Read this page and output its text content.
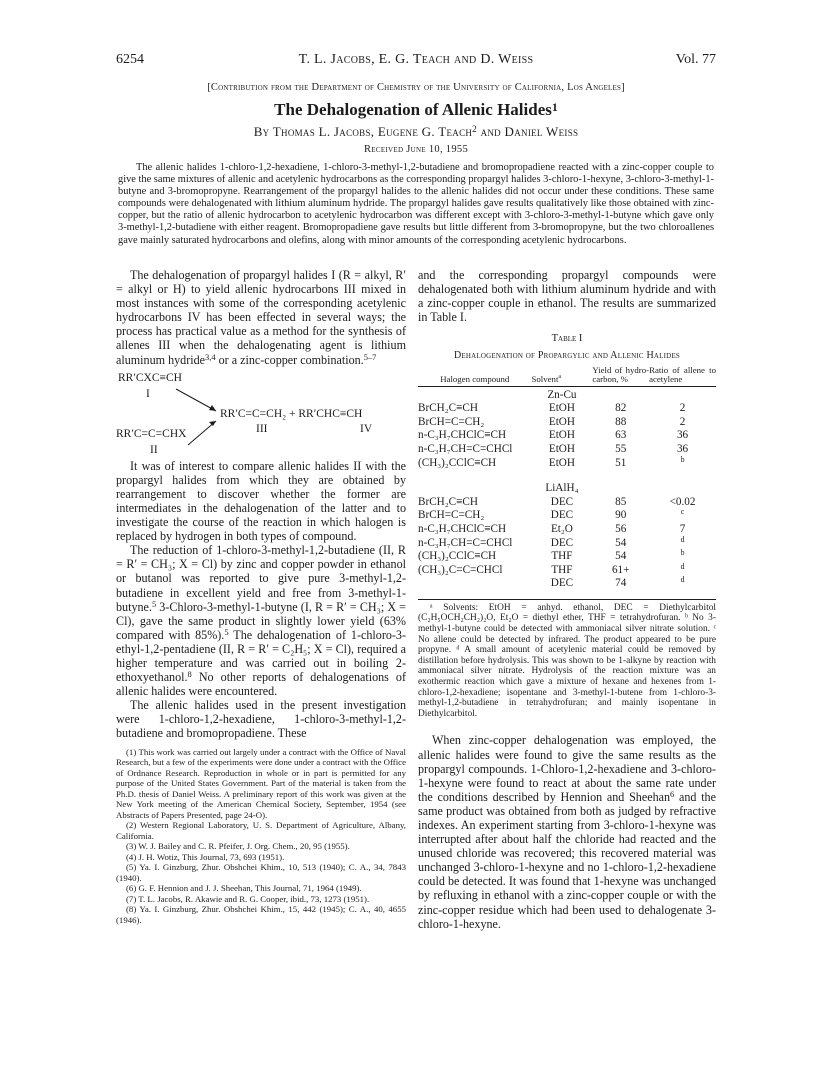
6254	T. L. Jacobs, E. G. Teach and D. Weiss	Vol. 77
[Contribution from the Department of Chemistry of the University of California, Los Angeles]
The Dehalogenation of Allenic Halides$^1$
By Thomas L. Jacobs, Eugene G. Teach$^2$ and Daniel Weiss
Received June 10, 1955
The allenic halides 1-chloro-1,2-hexadiene, 1-chloro-3-methyl-1,2-butadiene and bromopropadiene reacted with a zinc-copper couple to give the same mixtures of allenic and acetylenic hydrocarbons as the corresponding propargyl halides 3-chloro-1-hexyne, 3-chloro-3-methyl-1-butyne and 3-bromopropyne. Rearrangement of the propargyl halides to the allenic halides did not occur under these conditions. These same compounds were dehalogenated with lithium aluminum hydride. The propargyl halides gave results qualitatively like those obtained with zinc-copper, but the ratio of allenic hydrocarbon to acetylenic hydrocarbon was different except with 3-chloro-3-methyl-1-butyne which gave only 3-methyl-1,2-butadiene with either reagent. Bromopropadiene gave results but little different from 3-bromopropyne, but the two chloroallenes gave mainly saturated hydrocarbons and olefins, along with minor amounts of the corresponding acetylenic hydrocarbons.

The dehalogenation of propargyl halides I (R = alkyl, R′ = alkyl or H) to yield allenic hydrocarbons III mixed in most instances with some of the corresponding acetylenic hydrocarbons IV has been effected in several ways; the process has practical value as a method for the synthesis of allenes III when the dehalogenating agent is lithium aluminum hydride$^{3,4}$ or a zinc-copper combination.$^{5-7}$

RR′CXC≡CH
I
RR′C=C=CH₂ + RR′CHC≡CH
III	IV
RR′C=C=CHX
II

It was of interest to compare allenic halides II with the propargyl halides from which they are obtained by rearrangement to discover whether the former are intermediates in the dehalogenation of the latter and to investigate the course of the reaction in which halogen is replaced by hydrogen in both types of compound.

The reduction of 1-chloro-3-methyl-1,2-butadiene (II, R = R′ = CH₃; X = Cl) by zinc and copper powder in ethanol or butanol was reported to give pure 3-methyl-1,2-butadiene in excellent yield and free from 3-methyl-1-butyne.$^5$ 3-Chloro-3-methyl-1-butyne (I, R = R′ = CH₃; X = Cl), gave the same product in slightly lower yield (63% compared with 85%).$^5$ The dehalogenation of 1-chloro-3-ethyl-1,2-pentadiene (II, R = R′ = C₂H₅; X = Cl), required a higher temperature and was carried out in boiling 2-ethoxyethanol.$^8$ No other reports of dehalogenations of allenic halides were encountered.

The allenic halides used in the present investigation were 1-chloro-1,2-hexadiene, 1-chloro-3-methyl-1,2-butadiene and bromopropadiene. These

(1) This work was carried out largely under a contract with the Office of Naval Research, but a few of the experiments were done under a contract with the Office of Ordnance Research. Reproduction in whole or in part is permitted for any purpose of the United States Government. Part of the material is taken from the Ph.D. thesis of Daniel Weiss. A preliminary report of this work was given at the New York meeting of the American Chemical Society, September, 1954 (see Abstracts of Papers Presented, page 24-O).
(2) Western Regional Laboratory, U. S. Department of Agriculture, Albany, California.
(3) W. J. Bailey and C. R. Pfeifer, J. Org. Chem., 20, 95 (1955).
(4) J. H. Wotiz, This Journal, 73, 693 (1951).
(5) Ya. I. Ginzburg, Zhur. Obshchei Khim., 10, 513 (1940); C. A., 34, 7843 (1940).
(6) G. F. Hennion and J. J. Sheehan, This Journal, 71, 1964 (1949).
(7) T. L. Jacobs, R. Akawie and R. G. Cooper, ibid., 73, 1273 (1951).
(8) Ya. I. Ginzburg, Zhur. Obshchei Khim., 15, 442 (1945); C. A., 40, 4655 (1946).

and the corresponding propargyl compounds were dehalogenated both with lithium aluminum hydride and with a zinc-copper couple in ethanol. The results are summarized in Table I.

Table I
Dehalogenation of Propargylic and Allenic Halides
Halogen compound	Solvent$^a$	Yield of hydro-carbon, %	Ratio of allene to acetylene
	Zn-Cu		
BrCH₂C≡CH	EtOH	82	2
BrCH=C=CH₂	EtOH	88	2
n-C₃H₇CHClC≡CH	EtOH	63	36
n-C₃H₇CH=C=CHCl	EtOH	55	36
(CH₃)₂CClC≡CH	EtOH	51	$^b$

	LiAlH₄		
BrCH₂C≡CH	DEC	85	<0.02
BrCH=C=CH₂	DEC	90	$^c$
n-C₃H₇CHClC≡CH	Et₂O	56	7
n-C₃H₇CH=C=CHCl	DEC	54	$^d$
(CH₃)₂CClC≡CH	THF	54	$^b$
(CH₃)₂C=C=CHCl	THF	61+	$^d$
	DEC	74	$^d$
ᵃ Solvents: EtOH = anhyd. ethanol, DEC = Diethylcarbitol (C₂H₅OCH₂CH₂)₂O, Et₂O = diethyl ether, THF = tetrahydrofuran. ᵇ No 3-methyl-1-butyne could be detected with ammoniacal silver nitrate solution. ᶜ No allene could be detected by infrared. The product appeared to be pure propyne. ᵈ A small amount of acetylenic material could be removed by distillation before hydrolysis. This was shown to be 1-alkyne by reaction with ammoniacal silver nitrate. Hydrolysis of the reaction mixture was an exothermic reaction which gave a mixture of hexane and hexenes from 1-chloro-1,2-hexadiene; isopentane and 3-methyl-1-butene from 1-chloro-3-methyl-1,2-butadiene in tetrahydrofuran; and mainly isopentane in Diethylcarbitol.

When zinc-copper dehalogenation was employed, the allenic halides were found to give the same results as the propargyl compounds. 1-Chloro-1,2-hexadiene and 3-chloro-1-hexyne were found to react at about the same rate under the conditions described by Hennion and Sheehan$^6$ and the same product was obtained from both as judged by refractive indexes. An experiment starting from 3-chloro-1-hexyne was interrupted after about half the chloride had reacted and the unused chloride was recovered; this recovered material was unchanged 3-chloro-1-hexyne and no 1-chloro-1,2-hexadiene could be detected. It was found that 1-hexyne was unchanged by refluxing in ethanol with a zinc-copper couple or with the zinc-copper residue which had been used to dehalogenate 3-chloro-1-hexyne.
